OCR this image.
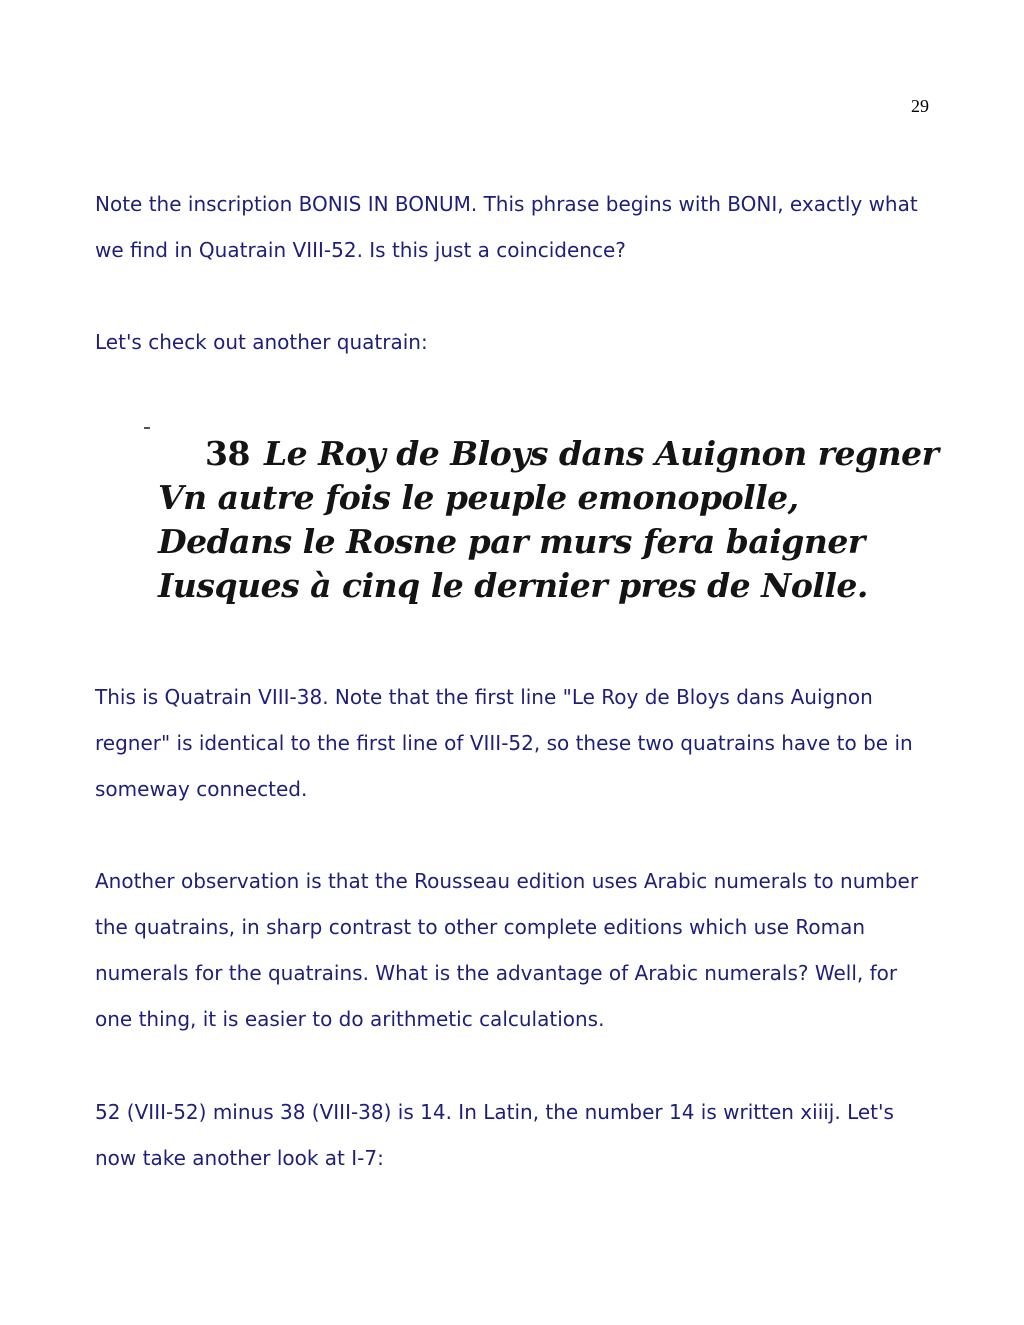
29

Note the inscription BONIS IN BONUM. This phrase begins with BONI, exactly what we find in Quatrain VIII-52. Is this just a coincidence?

Let's check out another quatrain:

38 Le Roy de Bloys dans Auignon regner
Vn autre fois le peuple emonopolle,
Dedans le Rosne par murs fera baigner
Iusques à cinq le dernier pres de Nolle.

This is Quatrain VIII-38. Note that the first line "Le Roy de Bloys dans Auignon regner" is identical to the first line of VIII-52, so these two quatrains have to be in someway connected.

Another observation is that the Rousseau edition uses Arabic numerals to number the quatrains, in sharp contrast to other complete editions which use Roman numerals for the quatrains. What is the advantage of Arabic numerals? Well, for one thing, it is easier to do arithmetic calculations.

52 (VIII-52) minus 38 (VIII-38) is 14. In Latin, the number 14 is written xiiij. Let's now take another look at I-7:
